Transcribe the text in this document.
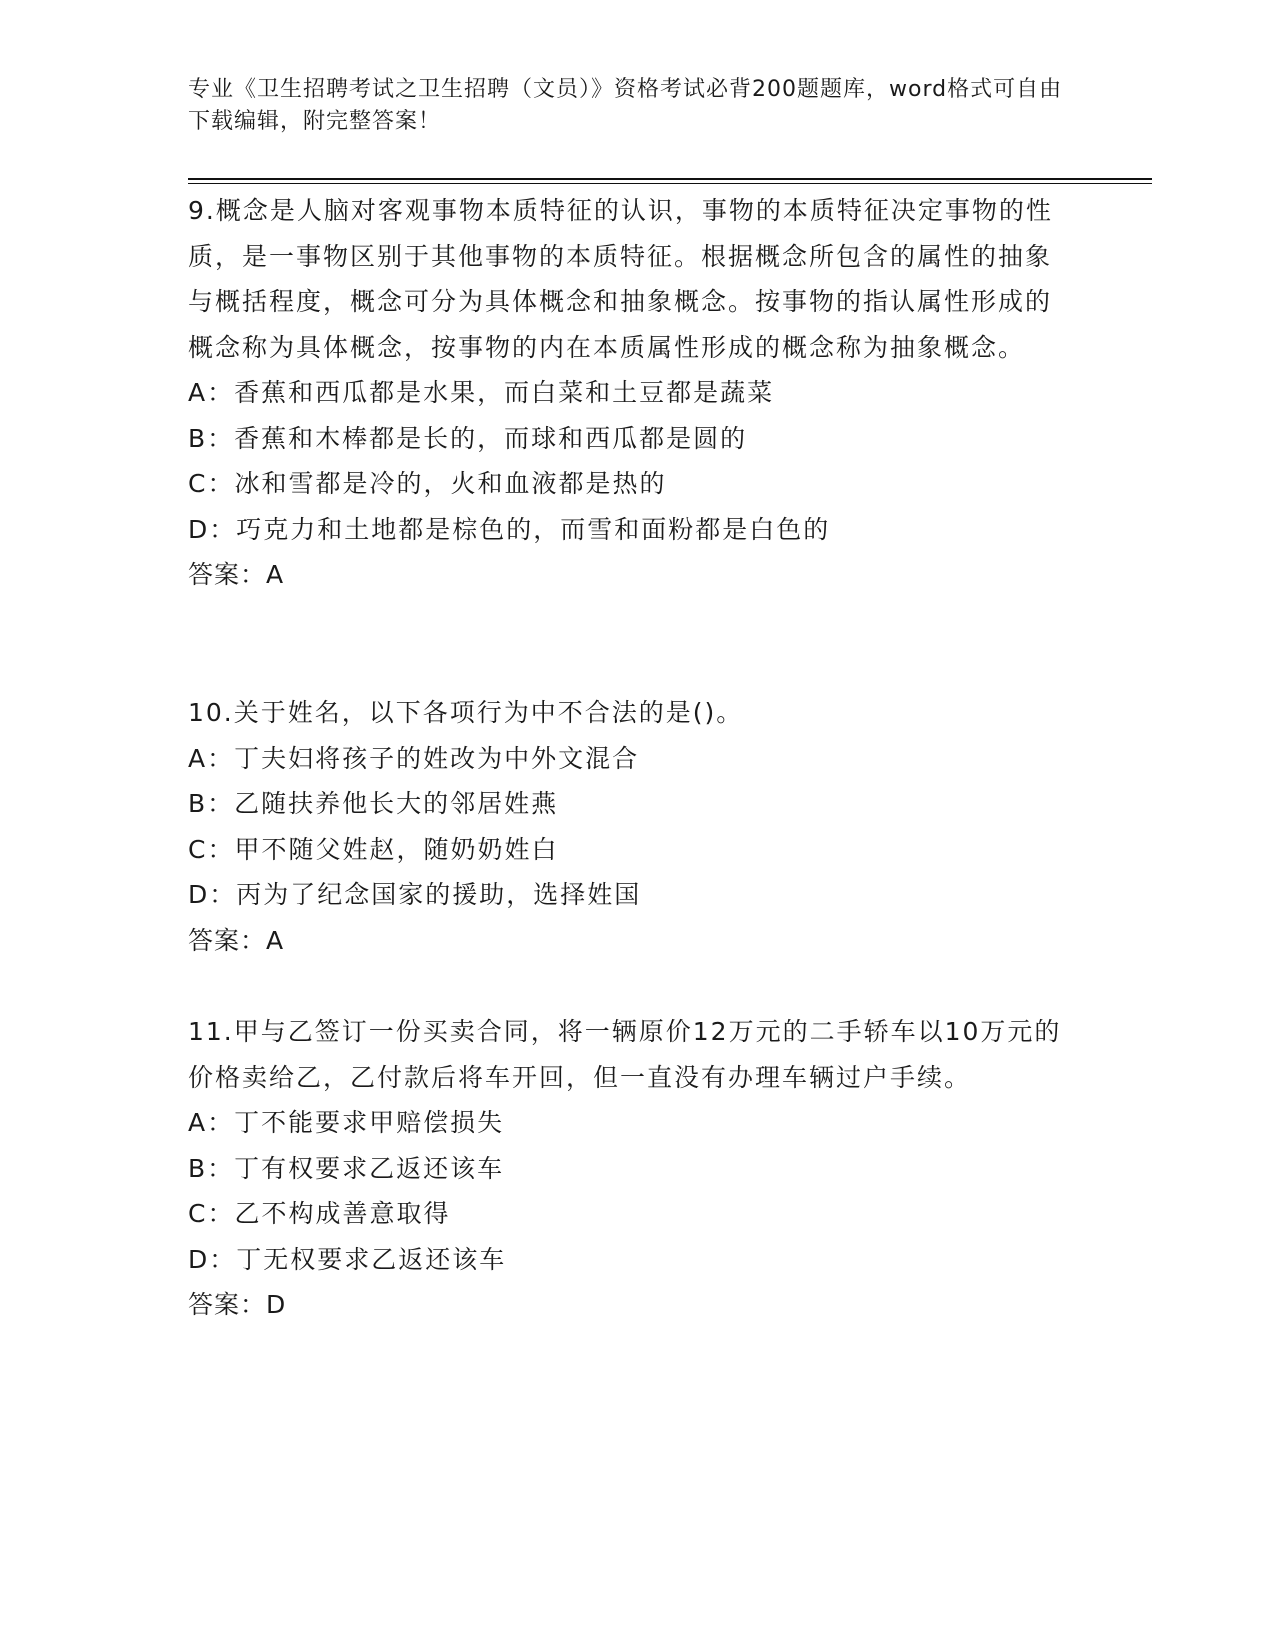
专业《卫生招聘考试之卫生招聘（文员）》资格考试必背200题题库，word格式可自由下载编辑，附完整答案！
9.概念是人脑对客观事物本质特征的认识，事物的本质特征决定事物的性质，是一事物区别于其他事物的本质特征。根据概念所包含的属性的抽象与概括程度，概念可分为具体概念和抽象概念。按事物的指认属性形成的概念称为具体概念，按事物的内在本质属性形成的概念称为抽象概念。
A：香蕉和西瓜都是水果，而白菜和土豆都是蔬菜
B：香蕉和木棒都是长的，而球和西瓜都是圆的
C：冰和雪都是冷的，火和血液都是热的
D：巧克力和土地都是棕色的，而雪和面粉都是白色的
答案：A
10.关于姓名，以下各项行为中不合法的是()。
A：丁夫妇将孩子的姓改为中外文混合
B：乙随扶养他长大的邻居姓燕
C：甲不随父姓赵，随奶奶姓白
D：丙为了纪念国家的援助，选择姓国
答案：A
11.甲与乙签订一份买卖合同，将一辆原价12万元的二手轿车以10万元的价格卖给乙，乙付款后将车开回，但一直没有办理车辆过户手续。
A：丁不能要求甲赔偿损失
B：丁有权要求乙返还该车
C：乙不构成善意取得
D：丁无权要求乙返还该车
答案：D
